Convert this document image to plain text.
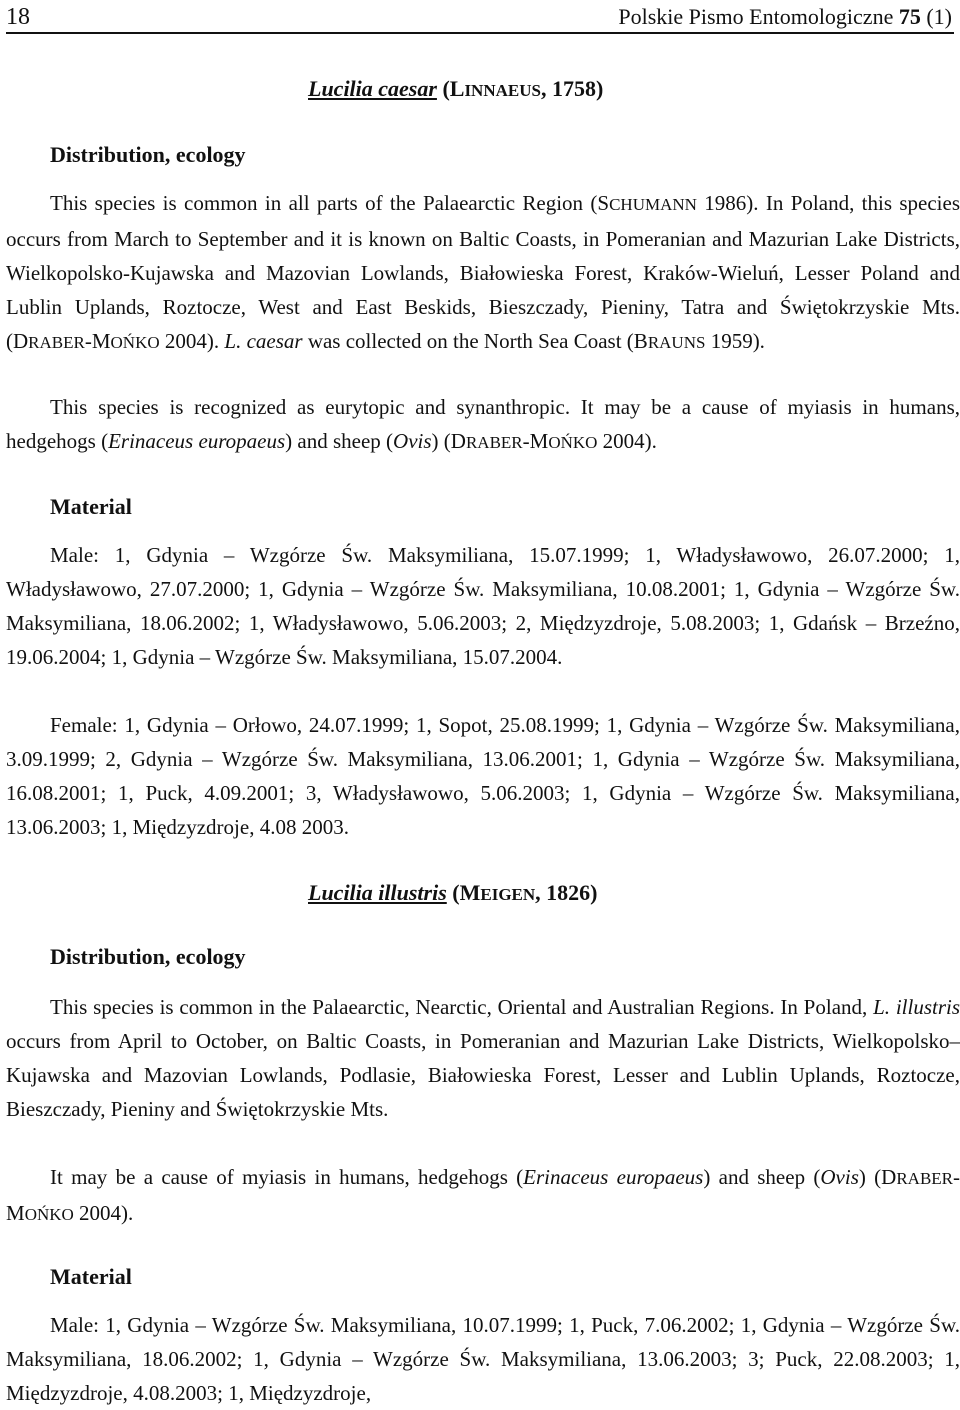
18	Polskie Pismo Entomologiczne 75 (1)
Lucilia caesar (LINNAEUS, 1758)
Distribution, ecology
This species is common in all parts of the Palaearctic Region (SCHUMANN 1986). In Poland, this species occurs from March to September and it is known on Baltic Coasts, in Pomeranian and Mazurian Lake Districts, Wielkopolsko-Kujawska and Mazovian Lowlands, Białowieska Forest, Kraków-Wieluń, Lesser Poland and Lublin Uplands, Roztocze, West and East Beskids, Bieszczady, Pieniny, Tatra and Świętokrzyskie Mts. (DRABER-MOŃKO 2004). L. caesar was collected on the North Sea Coast (BRAUNS 1959).
This species is recognized as eurytopic and synanthropic. It may be a cause of myiasis in humans, hedgehogs (Erinaceus europaeus) and sheep (Ovis) (DRABER-MOŃKO 2004).
Material
Male: 1, Gdynia – Wzgórze Św. Maksymiliana, 15.07.1999; 1, Władysławowo, 26.07.2000; 1, Władysławowo, 27.07.2000; 1, Gdynia – Wzgórze Św. Maksymiliana, 10.08.2001; 1, Gdynia – Wzgórze Św. Maksymiliana, 18.06.2002; 1, Władysławowo, 5.06.2003; 2, Międzyzdroje, 5.08.2003; 1, Gdańsk – Brzeźno, 19.06.2004; 1, Gdynia – Wzgórze Św. Maksymiliana, 15.07.2004.
Female: 1, Gdynia – Orłowo, 24.07.1999; 1, Sopot, 25.08.1999; 1, Gdynia – Wzgórze Św. Maksymiliana, 3.09.1999; 2, Gdynia – Wzgórze Św. Maksymiliana, 13.06.2001; 1, Gdynia – Wzgórze Św. Maksymiliana, 16.08.2001; 1, Puck, 4.09.2001; 3, Władysławowo, 5.06.2003; 1, Gdynia – Wzgórze Św. Maksymiliana, 13.06.2003; 1, Międzyzdroje, 4.08 2003.
Lucilia illustris (MEIGEN, 1826)
Distribution, ecology
This species is common in the Palaearctic, Nearctic, Oriental and Australian Regions. In Poland, L. illustris occurs from April to October, on Baltic Coasts, in Pomeranian and Mazurian Lake Districts, Wielkopolsko–Kujawska and Mazovian Lowlands, Podlasie, Białowieska Forest, Lesser and Lublin Uplands, Roztocze, Bieszczady, Pieniny and Świętokrzyskie Mts.
It may be a cause of myiasis in humans, hedgehogs (Erinaceus europaeus) and sheep (Ovis) (DRABER-MOŃKO 2004).
Material
Male: 1, Gdynia – Wzgórze Św. Maksymiliana, 10.07.1999; 1, Puck, 7.06.2002; 1, Gdynia – Wzgórze Św. Maksymiliana, 18.06.2002; 1, Gdynia – Wzgórze Św. Maksymiliana, 13.06.2003; 3; Puck, 22.08.2003; 1, Międzyzdroje, 4.08.2003; 1, Międzyzdroje,
